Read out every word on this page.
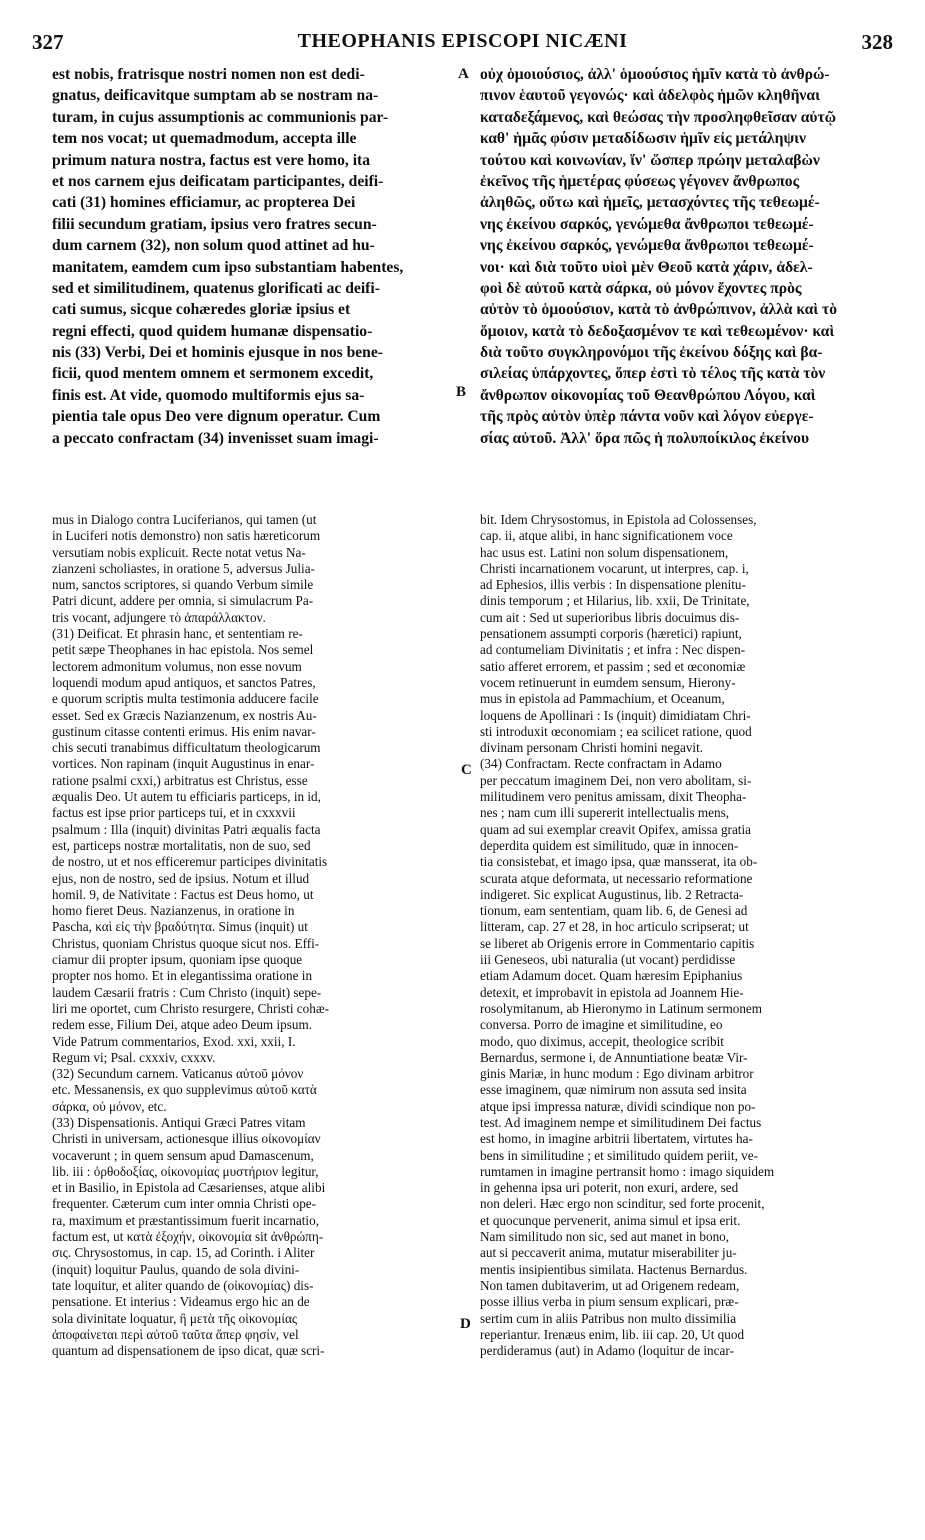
327	THEOPHANIS EPISCOPI NICÆNI	328
A
B
C
D
est nobis, fratrisque nostri nomen non est dedi-
gnatus, deificavitque sumptam ab se nostram na-
turam, in cujus assumptionis ac communionis par-
tem nos vocat; ut quemadmodum, accepta ille
primum natura nostra, factus est vere homo, ita
et nos carnem ejus deificatam participantes, deifi-
cati (31) homines efficiamur, ac propterea Dei
filii secundum gratiam, ipsius vero fratres secun-
dum carnem (32), non solum quod attinet ad hu-
manitatem, eamdem cum ipso substantiam habentes,
sed et similitudinem, quatenus glorificati ac deifi-
cati sumus, sicque cohæredes gloriæ ipsius et
regni effecti, quod quidem humanæ dispensatio-
nis (33) Verbi, Dei et hominis ejusque in nos bene-
ficii, quod mentem omnem et sermonem excedit,
finis est. At vide, quomodo multiformis ejus sa-
pientia tale opus Deo vere dignum operatur. Cum
a peccato confractam (34) invenisset suam imagi-
οὐχ ὁμοιούσιος, ἀλλ' ὁμοούσιος ἡμῖν κατὰ τὸ ἀνθρώ-
πινον ἑαυτοῦ γεγονώς· καὶ ἀδελφὸς ἡμῶν κληθῆναι
καταδεξάμενος, καὶ θεώσας τὴν προσληφθεῖσαν αὐτῷ
καθ' ἡμᾶς φύσιν μεταδίδωσιν ἡμῖν εἰς μετάληψιν
τούτου καὶ κοινωνίαν, ἵν' ὥσπερ πρώην μεταλαβὼν
ἐκεῖνος τῆς ἡμετέρας φύσεως γέγονεν ἄνθρωπος
ἀληθῶς, οὕτω καὶ ἡμεῖς, μετασχόντες τῆς τεθεωμέ-
νης ἐκείνου σαρκός, γενώμεθα ἄνθρωποι τεθεωμέ-
νης ἐκείνου σαρκός, γενώμεθα ἄνθρωποι τεθεωμέ-
νοι· καὶ διὰ τοῦτο υἱοὶ μὲν Θεοῦ κατὰ χάριν, ἀδελ-
φοὶ δὲ αὐτοῦ κατὰ σάρκα, οὐ μόνον ἔχοντες πρὸς
αὐτὸν τὸ ὁμοούσιον, κατὰ τὸ ἀνθρώπινον, ἀλλὰ καὶ τὸ
ὅμοιον, κατὰ τὸ δεδοξασμένον τε καὶ τεθεωμένον· καὶ
διὰ τοῦτο συγκληρονόμοι τῆς ἐκείνου δόξης καὶ βα-
σιλείας ὑπάρχοντες, ὅπερ ἐστὶ τὸ τέλος τῆς κατὰ τὸν
ἄνθρωπον οἰκονομίας τοῦ Θεανθρώπου Λόγου, καὶ
τῆς πρὸς αὐτὸν ὑπὲρ πάντα νοῦν καὶ λόγον εὐεργε-
σίας αὐτοῦ. Ἀλλ' ὅρα πῶς ἡ πολυποίκιλος ἐκείνου
mus in Dialogo contra Luciferianos, qui tamen (ut
in Luciferi notis demonstro) non satis hæreticorum
versutiam nobis explicuit. Recte notat vetus Na-
zianzeni scholiastes, in oratione 5, adversus Julia-
num, sanctos scriptores, si quando Verbum simile
Patri dicunt, addere per omnia, si simulacrum Pa-
tris vocant, adjungere τὸ ἀπαράλλακτον.
(31) Deificat. Et phrasin hanc, et sententiam re-
petit sæpe Theophanes in hac epistola. Nos semel
lectorem admonitum volumus, non esse novum
loquendi modum apud antiquos, et sanctos Patres,
e quorum scriptis multa testimonia adducere facile
esset. Sed ex Græcis Nazianzenum, ex nostris Au-
gustinum citasse contenti erimus. His enim navar-
chis secuti tranabimus difficultatum theologicarum
vortices. Non rapinam (inquit Augustinus in enar-
ratione psalmi cxxi,) arbitratus est Christus, esse
æqualis Deo. Ut autem tu efficiaris particeps, in id,
factus est ipse prior particeps tui, et in cxxxvii
psalmum : Illa (inquit) divinitas Patri æqualis facta
est, particeps nostræ mortalitatis, non de suo, sed
de nostro, ut et nos efficeremur participes divinitatis
ejus, non de nostro, sed de ipsius. Notum et illud
homil. 9, de Nativitate : Factus est Deus homo, ut
homo fieret Deus. Nazianzenus, in oratione in
Pascha, καὶ εἰς τὴν βραδύτητα. Simus (inquit) ut
Christus, quoniam Christus quoque sicut nos. Effi-
ciamur dii propter ipsum, quoniam ipse quoque
propter nos homo. Et in elegantissima oratione in
laudem Cæsarii fratris : Cum Christo (inquit) sepe-
liri me oportet, cum Christo resurgere, Christi cohæ-
redem esse, Filium Dei, atque adeo Deum ipsum.
Vide Patrum commentarios, Exod. xxi, xxii, I.
Regum vi; Psal. cxxxiv, cxxxv.
(32) Secundum carnem. Vaticanus αὐτοῦ μόνον
etc. Messanensis, ex quo supplevimus αὐτοῦ κατὰ
σάρκα, οὐ μόνον, etc.
(33) Dispensationis. Antiqui Græci Patres vitam
Christi in universam, actionesque illius οἰκονομίαν
vocaverunt ; in quem sensum apud Damascenum,
lib. iii : ὀρθοδοξίας, οἰκονομίας μυστήριον legitur,
et in Basilio, in Epistola ad Cæsarienses, atque alibi
frequenter. Cæterum cum inter omnia Christi ope-
ra, maximum et præstantissimum fuerit incarnatio,
factum est, ut κατὰ ἐξοχήν, οἰκονομία sit ἀνθρώπη-
σις. Chrysostomus, in cap. 15, ad Corinth. i Aliter
(inquit) loquitur Paulus, quando de sola divini-
tate loquitur, et aliter quando de (οἰκονομίας) dis-
pensatione. Et interius : Videamus ergo hic an de
sola divinitate loquatur, ἢ μετὰ τῆς οἰκονομίας
ἀποφαίνεται περὶ αὐτοῦ ταῦτα ἅπερ φησίν, vel
quantum ad dispensationem de ipso dicat, quæ scri-
bit. Idem Chrysostomus, in Epistola ad Colossenses,
cap. ii, atque alibi, in hanc significationem voce
hac usus est. Latini non solum dispensationem,
Christi incarnationem vocarunt, ut interpres, cap. i,
ad Ephesios, illis verbis : In dispensatione plenitu-
dinis temporum ; et Hilarius, lib. xxii, De Trinitate,
cum ait : Sed ut superioribus libris docuimus dis-
pensationem assumpti corporis (hæretici) rapiunt,
ad contumeliam Divinitatis ; et infra : Nec dispen-
satio afferet errorem, et passim ; sed et œconomiæ
vocem retinuerunt in eumdem sensum, Hierony-
mus in epistola ad Pammachium, et Oceanum,
loquens de Apollinari : Is (inquit) dimidiatam Chri-
sti introduxit œconomiam ; ea scilicet ratione, quod
divinam personam Christi homini negavit.
(34) Confractam. Recte confractam in Adamo
per peccatum imaginem Dei, non vero abolitam, si-
militudinem vero penitus amissam, dixit Theopha-
nes ; nam cum illi supererit intellectualis mens,
quam ad sui exemplar creavit Opifex, amissa gratia
deperdita quidem est similitudo, quæ in innocen-
tia consistebat, et imago ipsa, quæ mansserat, ita ob-
scurata atque deformata, ut necessario reformatione
indigeret. Sic explicat Augustinus, lib. 2 Retracta-
tionum, eam sententiam, quam lib. 6, de Genesi ad
litteram, cap. 27 et 28, in hoc articulo scripserat; ut
se liberet ab Origenis errore in Commentario capitis
iii Geneseos, ubi naturalia (ut vocant) perdidisse
etiam Adamum docet. Quam hæresim Epiphanius
detexit, et improbavit in epistola ad Joannem Hie-
rosolymitanum, ab Hieronymo in Latinum sermonem
conversa. Porro de imagine et similitudine, eo
modo, quo diximus, accepit, theologice scribit
Bernardus, sermone i, de Annuntiatione beatæ Vir-
ginis Mariæ, in hunc modum : Ego divinam arbitror
esse imaginem, quæ nimirum non assuta sed insita
atque ipsi impressa naturæ, dividi scindique non po-
test. Ad imaginem nempe et similitudinem Dei factus
est homo, in imagine arbitrii libertatem, virtutes ha-
bens in similitudine ; et similitudo quidem periit, ve-
rumtamen in imagine pertransit homo : imago siquidem
in gehenna ipsa uri poterit, non exuri, ardere, sed
non deleri. Hæc ergo non scinditur, sed forte procenit,
et quocunque pervenerit, anima simul et ipsa erit.
Nam similitudo non sic, sed aut manet in bono,
aut si peccaverit anima, mutatur miserabiliter ju-
mentis insipientibus similata. Hactenus Bernardus.
Non tamen dubitaverim, ut ad Origenem redeam,
posse illius verba in pium sensum explicari, præ-
sertim cum in aliis Patribus non multo dissimilia
reperiantur. Irenæus enim, lib. iii cap. 20, Ut quod
perdideramus (aut) in Adamo (loquitur de incar-
